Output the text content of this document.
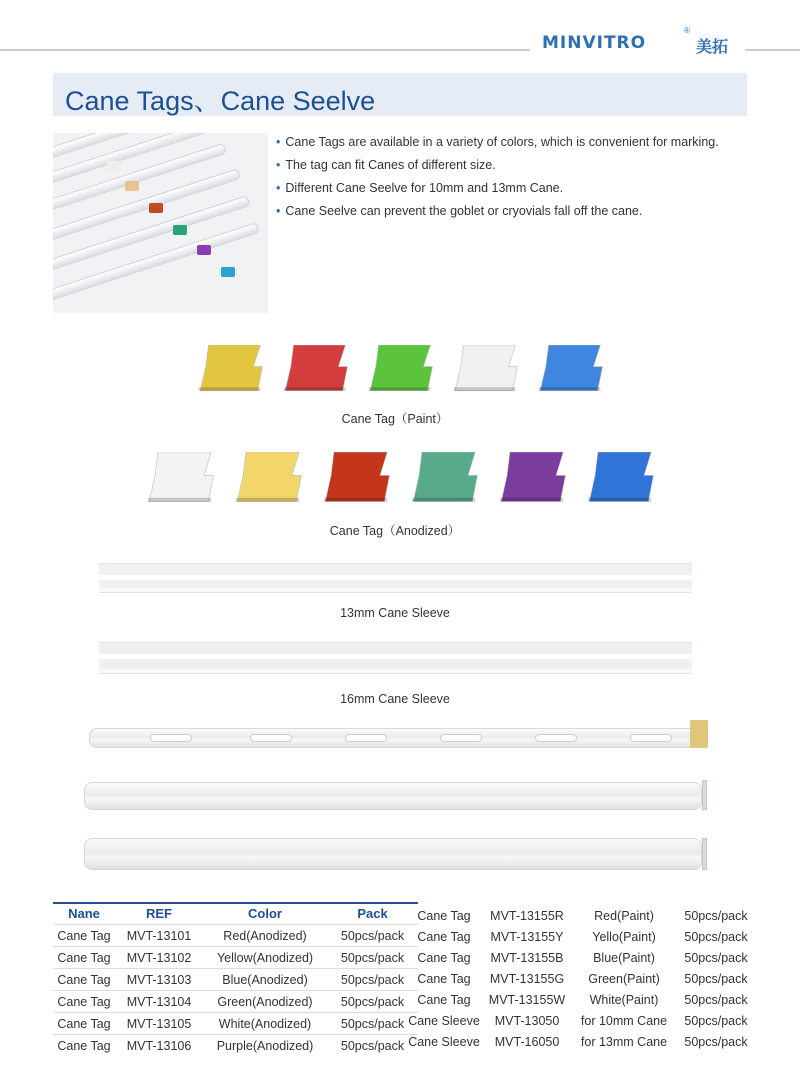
MINVITRO
®
美拓
Cane Tags、Cane Seelve
• Cane Tags are available in a variety of colors, which is convenient for marking.
• The tag can fit Canes of different size.
• Different Cane Seelve for 10mm and 13mm Cane.
• Cane Seelve can prevent the goblet or cryovials fall off the cane.
Cane Tag（Paint）
Cane Tag（Anodized）
13mm Cane Sleeve
16mm Cane Sleeve
Nane	REF	Color	Pack
Cane Tag	MVT-13101	Red(Anodized)	50pcs/pack
Cane Tag	MVT-13102	Yellow(Anodized)	50pcs/pack
Cane Tag	MVT-13103	Blue(Anodized)	50pcs/pack
Cane Tag	MVT-13104	Green(Anodized)	50pcs/pack
Cane Tag	MVT-13105	White(Anodized)	50pcs/pack
Cane Tag	MVT-13106	Purple(Anodized)	50pcs/pack
Cane Tag	MVT-13155R	Red(Paint)	50pcs/pack
Cane Tag	MVT-13155Y	Yello(Paint)	50pcs/pack
Cane Tag	MVT-13155B	Blue(Paint)	50pcs/pack
Cane Tag	MVT-13155G	Green(Paint)	50pcs/pack
Cane Tag	MVT-13155W	White(Paint)	50pcs/pack
Cane Sleeve	MVT-13050	for 10mm Cane	50pcs/pack
Cane Sleeve	MVT-16050	for 13mm Cane	50pcs/pack
